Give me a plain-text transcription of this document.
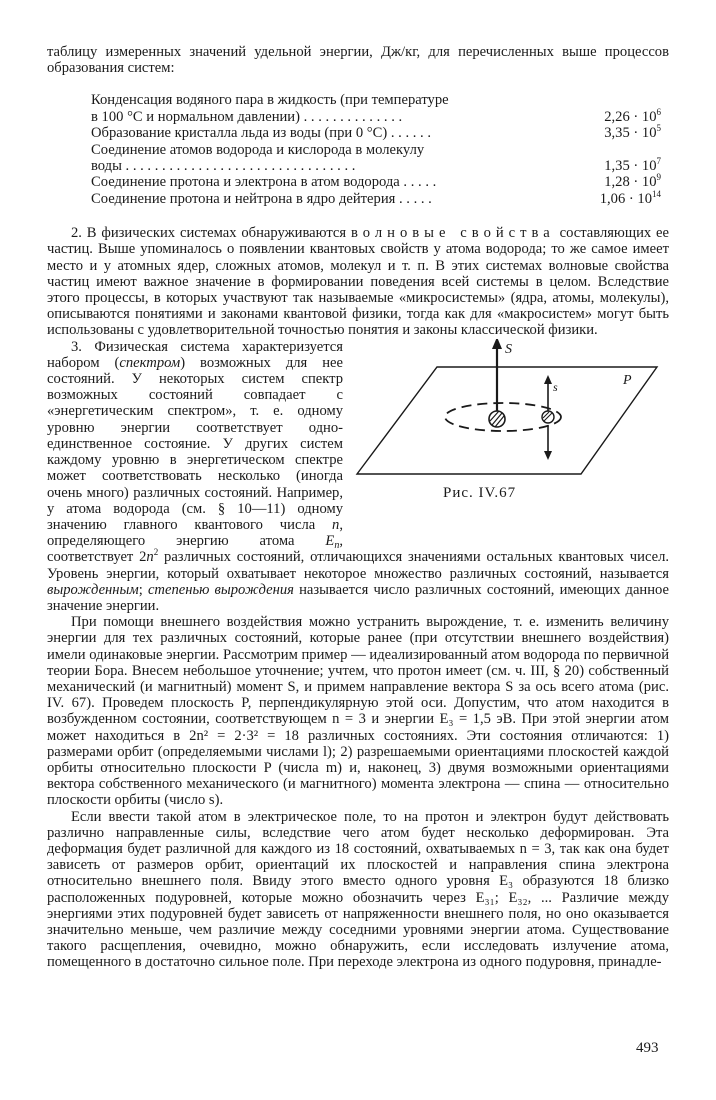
таблицу измеренных значений удельной энергии, Дж/кг, для перечисленных выше процессов образования систем:

Конденсация водяного пара в жидкость (при температуре
в 100 °С и нормальном давлении) . . . . . . . . . . . . . .	$2,26 \cdot 10^6$
Образование кристалла льда из воды (при 0 °С) . . . . . .	$3,35 \cdot 10^5$
Соединение атомов водорода и кислорода в молекулу
воды . . . . . . . . . . . . . . . . . . . . . . . . . . . . . . . .	$1,35 \cdot 10^7$
Соединение протона и электрона в атом водорода . . . . .	$1,28 \cdot 10^9$
Соединение протона и нейтрона в ядро дейтерия . . . . .	$1,06 \cdot 10^{14}$

2. В физических системах обнаруживаются волновые свойства составляющих ее частиц. Выше упоминалось о появлении квантовых свойств у атома водорода; то же самое имеет место и у атомных ядер, сложных атомов, молекул и т. п. В этих системах волновые свойства частиц имеют важное значение в формировании поведения всей системы в целом. Вследствие этого процессы, в которых участвуют так называемые «микросистемы» (ядра, атомы, молекулы), описываются понятиями и законами квантовой физики, тогда как для «макросистем» могут быть использованы с удовлетворительной точностью понятия и законы классической физики.

S
s	P
Рис. IV.67

3. Физическая система характеризуется набором (спектром) возможных для нее состояний. У некоторых систем спектр возможных состояний совпадает с «энергетическим спектром», т. е. одному уровню энергии соответствует одно-единственное состояние. У других систем каждому уровню в энергетическом спектре может соответствовать несколько (иногда очень много) различных состояний. Например, у атома водорода (см. § 10—11) одному значению главного квантового числа n, определяющего энергию атома $E_n$, соответствует $2n^2$ различных состояний, отличающихся значениями остальных квантовых чисел. Уровень энергии, который охватывает некоторое множество различных состояний, называется вырожденным; степенью вырождения называется число различных состояний, имеющих данное значение энергии.

При помощи внешнего воздействия можно устранить вырождение, т. е. изменить величину энергии для тех различных состояний, которые ранее (при отсутствии внешнего воздействия) имели одинаковые энергии. Рассмотрим пример — идеализированный атом водорода по первичной теории Бора. Внесем небольшое уточнение; учтем, что протон имеет (см. ч. III, § 20) собственный механический (и магнитный) момент S, и примем направление вектора S за ось всего атома (рис. IV. 67). Проведем плоскость P, перпендикулярную этой оси. Допустим, что атом находится в возбужденном состоянии, соответствующем n = 3 и энергии E₃ = 1,5 эВ. При этой энергии атом может находиться в 2n² = 2·3² = 18 различных состояниях. Эти состояния отличаются: 1) размерами орбит (определяемыми числами l); 2) разрешаемыми ориентациями плоскостей каждой орбиты относительно плоскости P (числа m) и, наконец, 3) двумя возможными ориентациями вектора собственного механического (и магнитного) момента электрона — спина — относительно плоскости орбиты (число s).

Если ввести такой атом в электрическое поле, то на протон и электрон будут действовать различно направленные силы, вследствие чего атом будет несколько деформирован. Эта деформация будет различной для каждого из 18 состояний, охватываемых n = 3, так как она будет зависеть от размеров орбит, ориентаций их плоскостей и направления спина электрона относительно внешнего поля. Ввиду этого вместо одного уровня E₃ образуются 18 близко расположенных подуровней, которые можно обозначить через E₃₁; E₃₂, ... Различие между энергиями этих подуровней будет зависеть от напряженности внешнего поля, но оно оказывается значительно меньше, чем различие между соседними уровнями энергии атома. Существование такого расщепления, очевидно, можно обнаружить, если исследовать излучение атома, помещенного в достаточно сильное поле. При переходе электрона из одного подуровня, принадле-

493
